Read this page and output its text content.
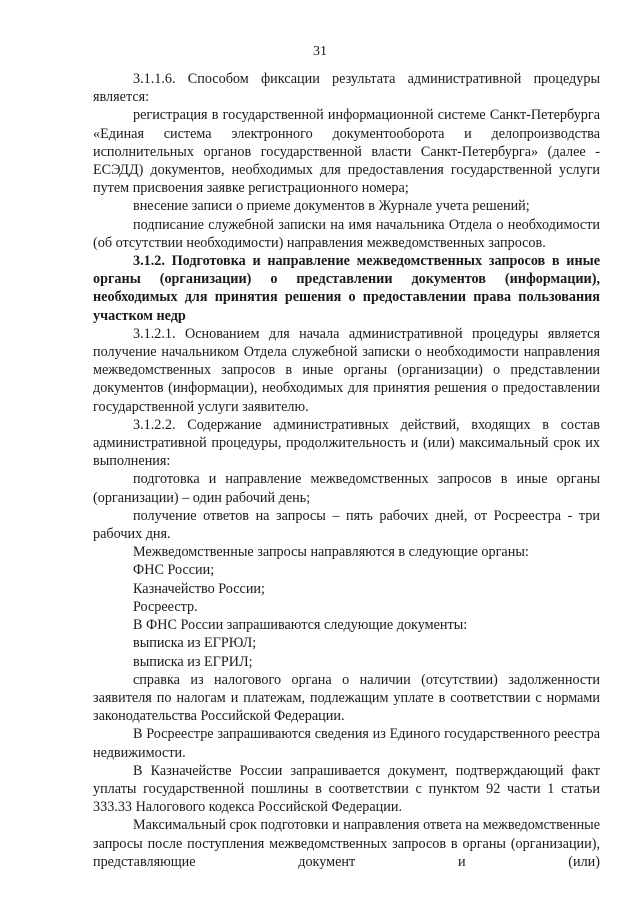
31

3.1.1.6. Способом фиксации результата административной процедуры является:

регистрация в государственной информационной системе Санкт-Петербурга «Единая система электронного документооборота и делопроизводства исполнительных органов государственной власти Санкт-Петербурга» (далее - ЕСЭДД) документов, необходимых для предоставления государственной услуги путем присвоения заявке регистрационного номера;

внесение записи о приеме документов в Журнале учета решений;

подписание служебной записки на имя начальника Отдела о необходимости (об отсутствии необходимости) направления межведомственных запросов.

3.1.2. Подготовка и направление межведомственных запросов в иные органы (организации) о представлении документов (информации), необходимых для принятия решения о предоставлении права пользования участком недр

3.1.2.1. Основанием для начала административной процедуры является получение начальником Отдела служебной записки о необходимости направления межведомственных запросов в иные органы (организации) о представлении документов (информации), необходимых для принятия решения о предоставлении государственной услуги заявителю.

3.1.2.2. Содержание административных действий, входящих в состав административной процедуры, продолжительность и (или) максимальный срок их выполнения:

подготовка и направление межведомственных запросов в иные органы (организации) – один рабочий день;

получение ответов на запросы – пять рабочих дней, от Росреестра - три рабочих дня.

Межведомственные запросы направляются в следующие органы:

ФНС России;

Казначейство России;

Росреестр.

В ФНС России запрашиваются следующие документы:

выписка из ЕГРЮЛ;

выписка из ЕГРИЛ;

справка из налогового органа о наличии (отсутствии) задолженности заявителя по налогам и платежам, подлежащим уплате в соответствии с нормами законодательства Российской Федерации.

В Росреестре запрашиваются сведения из Единого государственного реестра недвижимости.

В Казначействе России запрашивается документ, подтверждающий факт уплаты государственной пошлины в соответствии с пунктом 92 части 1 статьи 333.33 Налогового кодекса Российской Федерации.

Максимальный срок подготовки и направления ответа на межведомственные запросы после поступления межведомственных запросов в органы (организации), представляющие документ и (или)
